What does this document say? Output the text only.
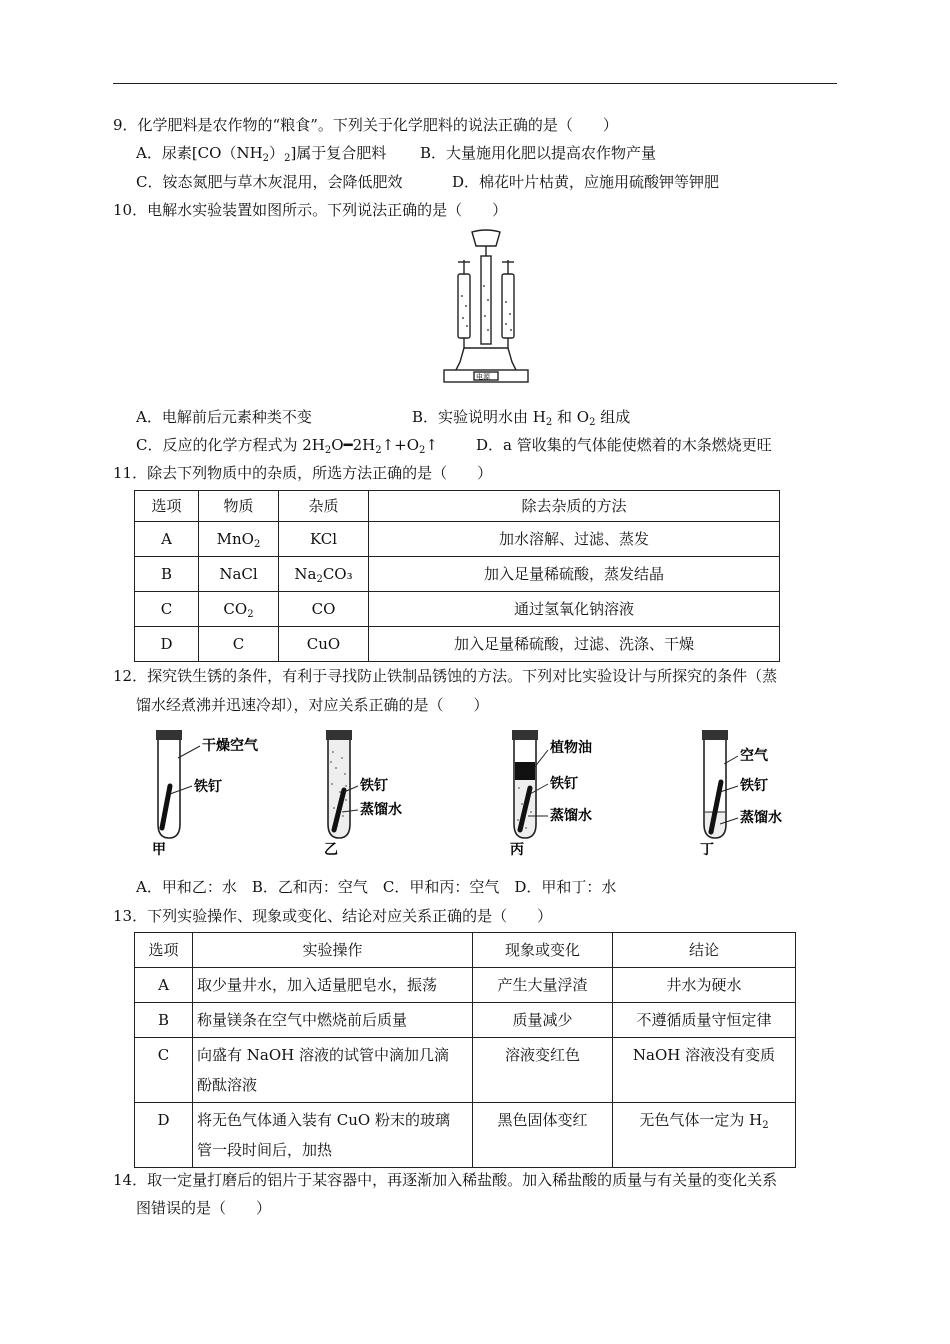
9．化学肥料是农作物的“粮食”。下列关于化学肥料的说法正确的是（　　）
A．尿素$[CO(NH_2)_2]$属于复合肥料 B．大量施用化肥以提高农作物产量
C．铵态氮肥与草木灰混用，会降低肥效	D．棉花叶片枯黄，应施用硫酸钾等钾肥
10．电解水实验装置如图所示。下列说法正确的是（　　）
电源
A．电解前后元素种类不变	B．实验说明水由 $H_2$ 和 $O_2$ 组成
C．反应的化学方程式为 $2H_2O━2H_2↑+O_2↑$	D．a 管收集的气体能使燃着的木条燃烧更旺
11．除去下列物质中的杂质，所选方法正确的是（　　）
选项	物质	杂质	除去杂质的方法
A	MnO$_2$	KCl	加水溶解、过滤、蒸发
B	NaCl	$Na_2CO_3$	加入足量稀硫酸，蒸发结晶
C	$CO_2$	CO	通过氢氧化钠溶液
D	C	CuO	加入足量稀硫酸，过滤、洗涤、干燥
12．探究铁生锈的条件，有利于寻找防止铁制品锈蚀的方法。下列对比实验设计与所探究的条件（蒸
馏水经煮沸并迅速冷却），对应关系正确的是（　　）
干燥空气
铁钉
甲
铁钉
蒸馏水
乙
植物油
铁钉
蒸馏水
丙
空气
铁钉
蒸馏水
丁
A．甲和乙：水　B．乙和丙：空气　C．甲和丙：空气　D．甲和丁：水
13．下列实验操作、现象或变化、结论对应关系正确的是（　　）
选项	实验操作	现象或变化	结论
A	取少量井水，加入适量肥皂水，振荡	产生大量浮渣	井水为硬水
B	称量镁条在空气中燃烧前后质量	质量减少	不遵循质量守恒定律
C	向盛有 NaOH 溶液的试管中滴加几滴
酚酞溶液	溶液变红色	NaOH 溶液没有变质
D	将无色气体通入装有 CuO 粉末的玻璃
管一段时间后，加热	黑色固体变红	无色气体一定为 $H_2$
14．取一定量打磨后的铝片于某容器中，再逐渐加入稀盐酸。加入稀盐酸的质量与有关量的变化关系
图错误的是（　　）
